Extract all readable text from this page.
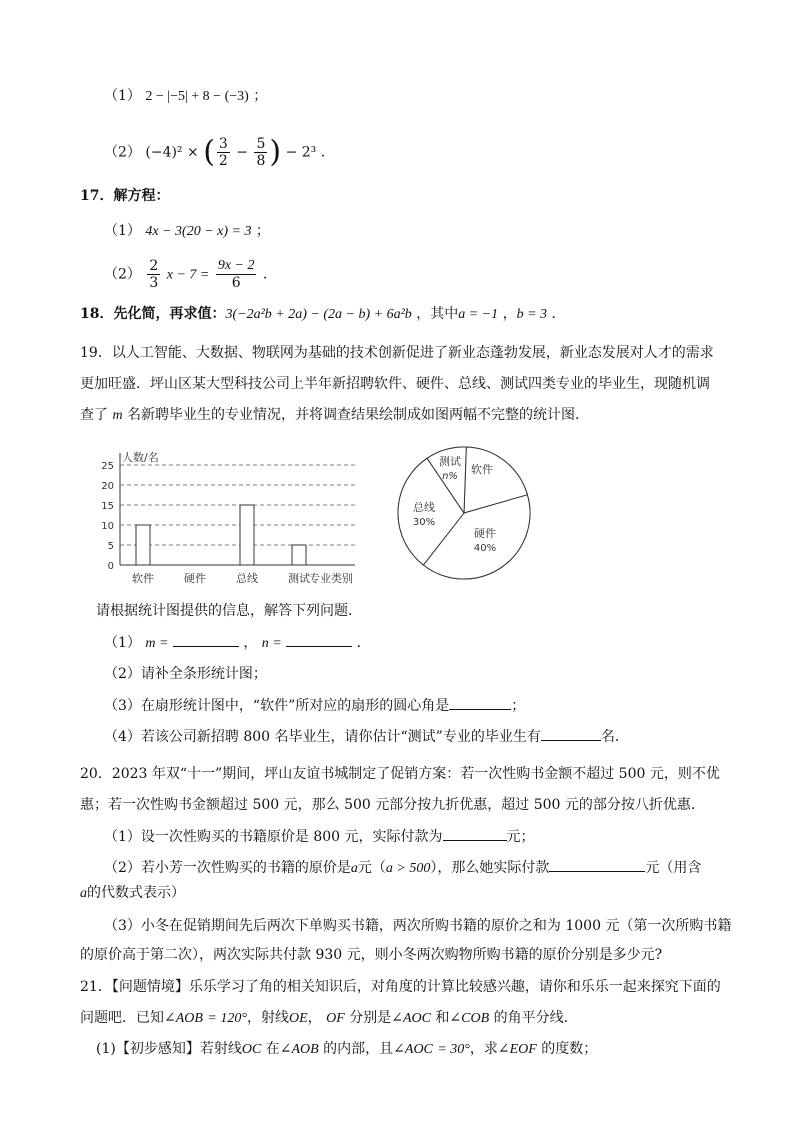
（1） 2 − |−5| + 8 − (−3) ；
（2） (−4)² × ( $\frac{3}{2} - \frac{5}{8}$ ) − 2³ ．
17．解方程：
（1） 4x − 3(20 − x) = 3 ；
$(2) \frac{2}{3}$ $x - 7 = \frac{9x - 2}{6}$ ．
18．先化简，再求值：3(−2a²b + 2a) − (2a − b) + 6a²b ，其中a = −1 ，b = 3 ．
19．以人工智能、大数据、物联网为基础的技术创新促进了新业态蓬勃发展，新业态发展对人才的需求
更加旺盛．坪山区某大型科技公司上半年新招聘软件、硬件、总线、测试四类专业的毕业生，现随机调
查了 m 名新聘毕业生的专业情况，并将调查结果绘制成如图两幅不完整的统计图．
0
5
10
15
20
25
人数/名
软件	硬件	总线	测试 专业类别
软件
硬件
40%
总线
30%
测试
n%
请根据统计图提供的信息，解答下列问题．
（1） m =	， n =	．
（2）请补全条形统计图；
（3）在扇形统计图中，“软件”所对应的扇形的圆心角是	；
（4）若该公司新招聘 800 名毕业生，请你估计“测试”专业的毕业生有	名．
20．2023 年双“十一”期间，坪山友谊书城制定了促销方案：若一次性购书金额不超过 500 元，则不优
惠；若一次性购书金额超过 500 元，那么 500 元部分按九折优惠，超过 500 元的部分按八折优惠．
（1）设一次性购买的书籍原价是 800 元，实际付款为	元；
（2）若小芳一次性购买的书籍的原价是a元（a > 500），那么她实际付款	元（用含
a的代数式表示）
（3）小冬在促销期间先后两次下单购买书籍，两次所购书籍的原价之和为 1000 元（第一次所购书籍
的原价高于第二次），两次实际共付款 930 元，则小冬两次购物所购书籍的原价分别是多少元?
21．【问题情境】乐乐学习了角的相关知识后，对角度的计算比较感兴趣，请你和乐乐一起来探究下面的
问题吧．已知∠AOB = 120°，射线OE， OF 分别是∠AOC 和∠COB 的角平分线．
(1)【初步感知】若射线OC 在∠AOB 的内部，且∠AOC = 30°，求∠EOF 的度数；
